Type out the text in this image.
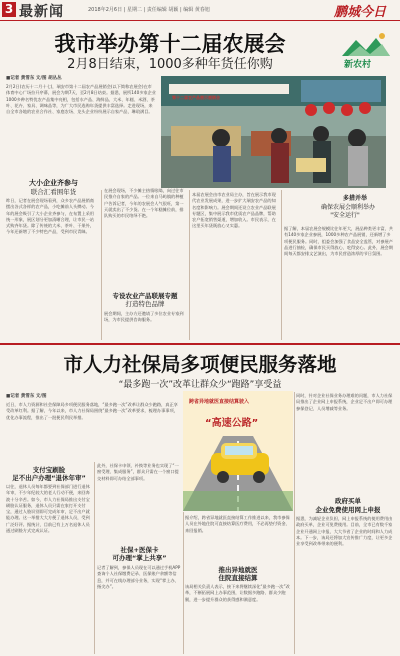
3 最新闻	2018年2月6日 | 星期二 | 责任编辑 胡颖 | 编辑 黄春旭	鹏城今日
我市举办第十二届农展会
2月8日结束，1000多种年货任你购	新农村
■记者 黄雪东 文/图 胡丛丛
2月2日(农历十二月十七)，瑞安市第十二届农产品展销会(以下简称农展会)在市体育中心广场拉开序幕，展会为期7天，至2月8日结束。据悉，展所140多家企业1000多种名特优农产品集中亮相，包括水产品、海鲜品、大米、年糕、米酒、茶叶、花卉、家具、调味品等，为广大市民选购年货提供丰富选择。走进现场，来自全市各地的农业合作社、家庭农场、龙头企业纷纷展示自家产品，琳琅满目。
第十二届农产品展示展销会
大小企业齐参与
联合汇看围年货
昨日，记者在展会现场看到，众多农产品展销商摆出各式各样的农产品，小吃摊前人头攒动。今年的展会吸引了大小企业齐参与，在布置上采用统一形象，展区划分更加清晰合理，让市民一站式购齐年货。除了传统的大米、茶叶、干果外，今年还新增了不少特色产品，受到市民青睐。
在展会现场，不少摊主热情吆喝，向过往市民推介自家的产品。一位来自马屿镇的种植户告诉记者，今年的农展会人气很旺，第一天就卖出了不少货。在一个年糕摊位前，排队购买的市民络绎不绝。
专设农业产品联展专题
打造特色品牌
展会期间，主办方还邀请了多位农业专家到场，为市民提供咨询服务。
本届农展会由市农业局主办，旨在展示我市现代农业发展成果，进一步扩大瑞安农产品的知名度和影响力。展会期间还设立农业产品联展专题区，集中展示我市优质农产品品牌，帮助农户拓宽销售渠道，增加收入。市民表示，在这里买年货既放心又实惠。
多措并举
确保农展会顺利举办
"安全运行"
据了解，本届农展会规模比往年更大，展品种类更丰富，共有140多家企业参展，1000多种农产品展销，还新增了多项便民服务。同时，组委会加强了食品安全监管，对参展产品进行抽检，确保市民买得放心、吃得安心。此外，展会期间每天都安排文艺演出，为市民营造浓厚的节日氛围。
市人力社保局多项便民服务落地
“最多跑一次”改革让群众少“跑路”享受益
■记者 黄雪东 文/图
近日，市人力资源和社会保障局多项便民服务落地，“最多跑一次”改革让群众少跑路，真正享受改革红利。据了解，今年以来，市人力社保局围绕“最多跑一次”改革要求，梳理办事事项，优化办事流程，推出了一批便民利民举措。
跨省异地就医直接结算驶入
“高速公路”
同时，针对企业社保业务办理难的问题，市人力社保局推出了企业网上申报系统，企业足不出户即可办理参保登记、人员增减等业务。
支付宝刷脸
足不出户办理“退休年审”
以往，退休人员每年都要到社保部门进行退休年审，不少年纪较大的老人行动不便，来回奔波十分辛苦。如今，市人力社保局推出支付宝刷脸认证服务，退休人员只需在家打开支付宝，通过人脸识别即可完成年审，足不出户就能办理。这一举措大大方便了退休人员，受到广泛好评。据统计，目前已有上万名退休人员通过刷脸方式完成认证。
此外，社保卡申领、补换等业务也实现了“一窗受理、集成服务”，群众只需在一个窗口提交材料即可办结全部事项。
社保+医保卡
可办理“掌上共享”
记者了解到，参保人员现在可以通过手机APP查询个人社保缴费记录、医保账户余额等信息，并可在线办理部分业务，实现“掌上办、指尖办”。
据介绍，跨省异地就医直接结算工作推进以来，我市参保人员在外地住院可直接结算医疗费用，不必再垫付资金、来回报销。
推出异地就医
住院直接结算
该局相关负责人表示，接下来将继续深化“最多跑一次”改革，不断拓展网上办事范围，让数据多跑路、群众少跑腿，进一步提升群众的获得感和满意度。
政府买单
企业免费使用网上申报
据悉，为减轻企业负担，网上申报系统的使用费用由政府买单，企业可免费使用。目前，全市已有数千家企业开通网上申报，大大节省了企业的时间和人力成本。下一步，该局还将加大宣传推广力度，让更多企业享受到改革带来的便利。
